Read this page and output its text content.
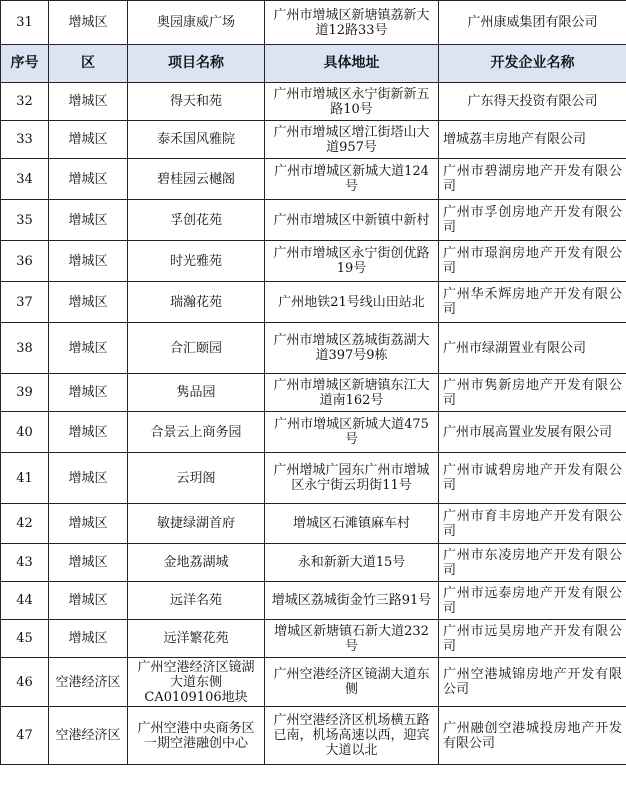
31	增城区	奥园康威广场	广州市增城区新塘镇荔新大道12路33号	广州康威集团有限公司
序号	区	项目名称	具体地址	开发企业名称
32	增城区	得天和苑	广州市增城区永宁街新新五路10号	广东得天投资有限公司
33	增城区	泰禾国风雅院	广州市增城区增江街塔山大道957号	增城荔丰房地产有限公司
34	增城区	碧桂园云樾阁	广州市增城区新城大道124号	广州市碧湖房地产开发有限公司
35	增城区	孚创花苑	广州市增城区中新镇中新村	广州市孚创房地产开发有限公司
36	增城区	时光雅苑	广州市增城区永宁街创优路19号	广州市璟润房地产开发有限公司
37	增城区	瑞瀚花苑	广州地铁21号线山田站北	广州华禾辉房地产开发有限公司
38	增城区	合汇颐园	广州市增城区荔城街荔湖大道397号9栋	广州市绿湖置业有限公司
39	增城区	隽品园	广州市增城区新塘镇东江大道南162号	广州市隽新房地产开发有限公司
40	增城区	合景云上商务园	广州市增城区新城大道475号	广州市展高置业发展有限公司
41	增城区	云玥阁	广州增城广园东广州市增城区永宁街云玥街11号	广州市诚碧房地产开发有限公司
42	增城区	敏捷绿湖首府	增城区石滩镇麻车村	广州市育丰房地产开发有限公司
43	增城区	金地荔湖城	永和新新大道15号	广州市东凌房地产开发有限公司
44	增城区	远洋名苑	增城区荔城街金竹三路91号	广州市远泰房地产开发有限公司
45	增城区	远洋繁花苑	增城区新塘镇石新大道232号	广州市远昊房地产开发有限公司
46	空港经济区	广州空港经济区镜湖大道东侧CA0109106地块	广州空港经济区镜湖大道东侧	广州空港城锦房地产开发有限公司
47	空港经济区	广州空港中央商务区一期空港融创中心	广州空港经济区机场横五路已南，机场高速以西，迎宾大道以北	广州融创空港城投房地产开发有限公司
